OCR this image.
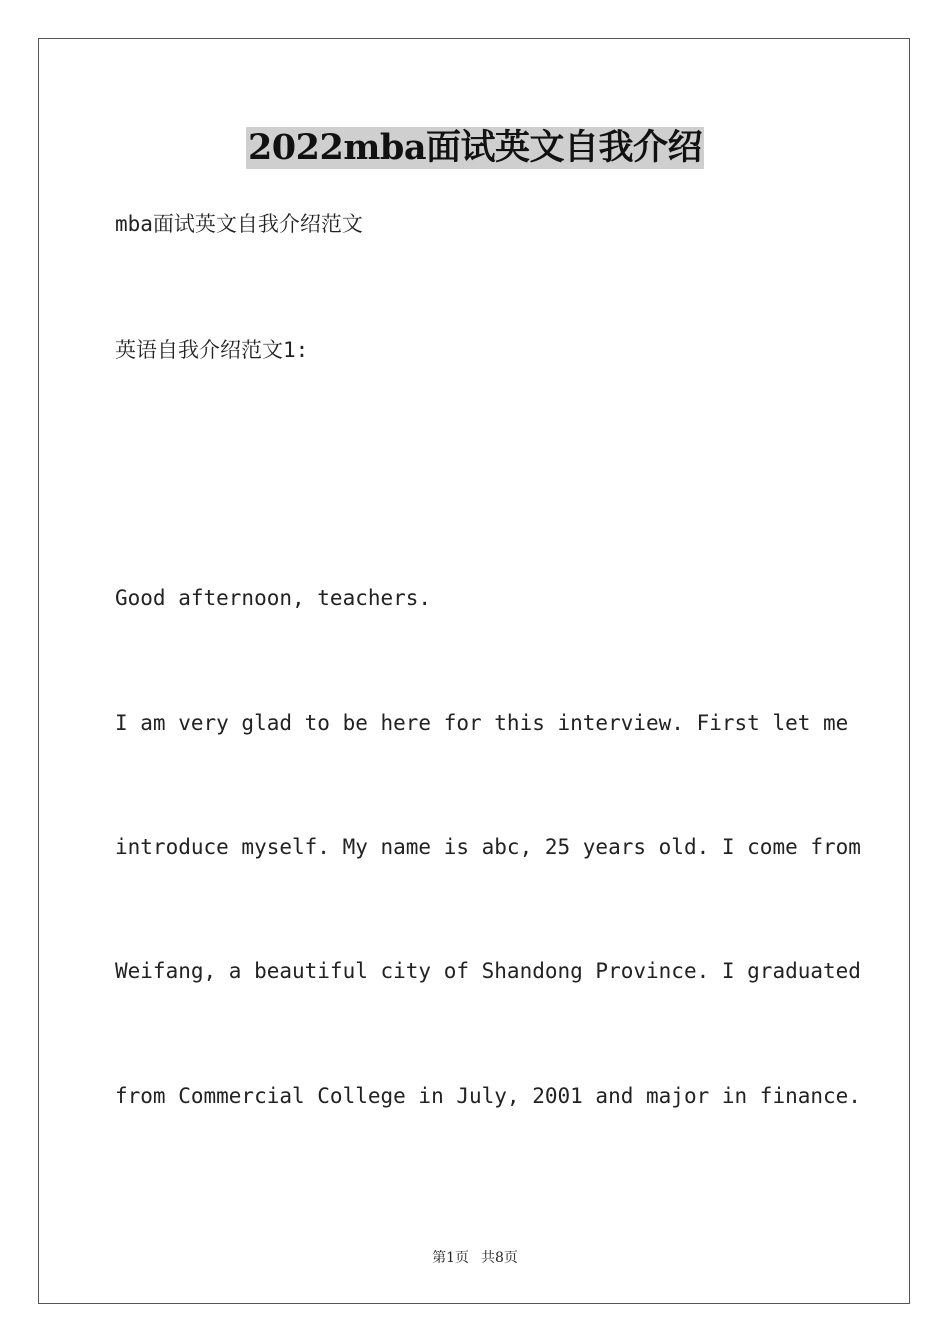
2022mba面试英文自我介绍
mba面试英文自我介绍范文
英语自我介绍范文1:
Good afternoon, teachers.
I am very glad to be here for this interview. First let me
introduce myself. My name is abc, 25 years old. I come from
Weifang, a beautiful city of Shandong Province. I graduated
from Commercial College in July, 2001 and major in finance.
第1页 共8页
